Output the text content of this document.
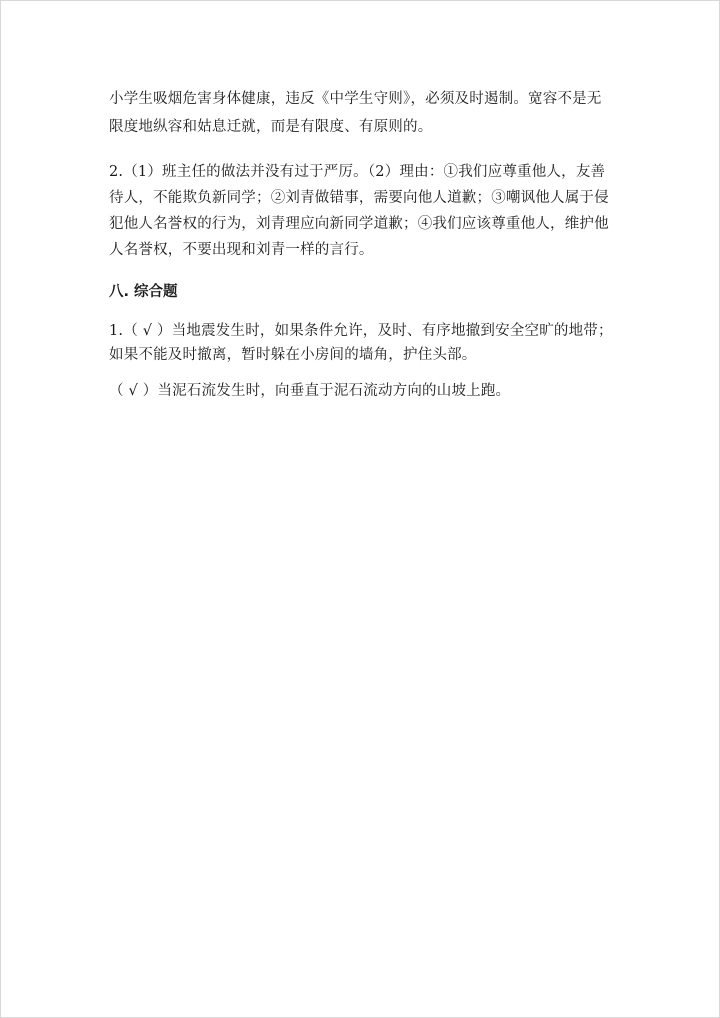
小学生吸烟危害身体健康，违反《中学生守则》，必须及时遏制。宽容不是无
限度地纵容和姑息迁就，而是有限度、有原则的。

2.（1）班主任的做法并没有过于严厉。（2）理由：①我们应尊重他人，友善
待人，不能欺负新同学；②刘青做错事，需要向他人道歉；③嘲讽他人属于侵
犯他人名誉权的行为，刘青理应向新同学道歉；④我们应该尊重他人，维护他
人名誉权，不要出现和刘青一样的言行。

八. 综合题

1.（ √ ）当地震发生时，如果条件允许，及时、有序地撤到安全空旷的地带；
如果不能及时撤离，暂时躲在小房间的墙角，护住头部。

（ √ ）当泥石流发生时，向垂直于泥石流动方向的山坡上跑。
